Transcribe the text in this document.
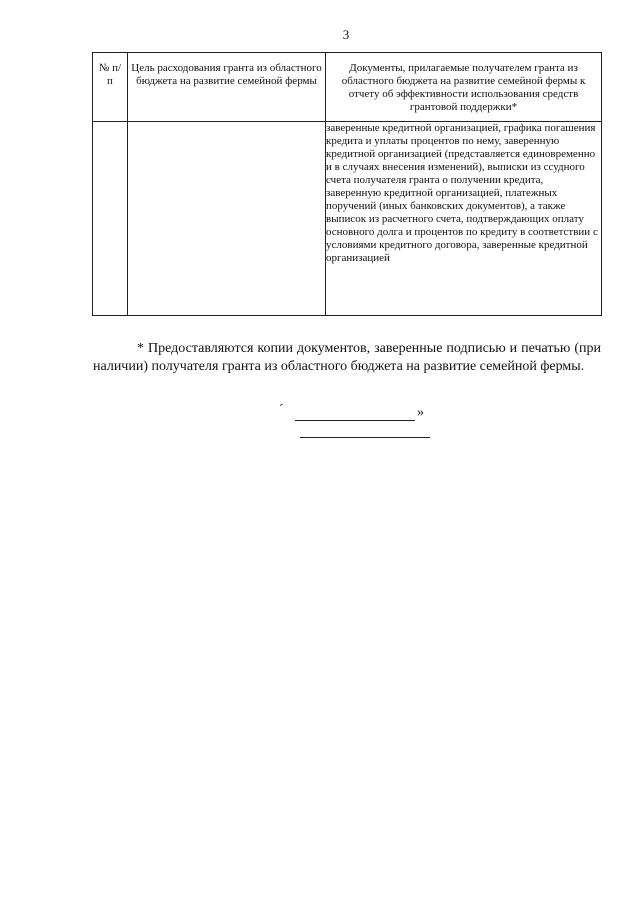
3
№ п/п	Цель расходования гранта из областного бюджета на развитие семейной фермы	Документы, прилагаемые получателем гранта из областного бюджета на развитие семейной фермы к отчету об эффективности использования средств грантовой поддержки*
		заверенные кредитной организацией, графика погашения кредита и уплаты процентов по нему, заверенную кредитной организацией (представляется единовременно и в случаях внесения изменений), выписки из ссудного счета получателя гранта о получении кредита, заверенную кредитной организацией, платежных поручений (иных банковских документов), а также выписок из расчетного счета, подтверждающих оплату основного долга и процентов по кредиту в соответствии с условиями кредитного договора, заверенные кредитной организацией

* Предоставляются копии документов, заверенные подписью и печатью (при наличии) получателя гранта из областного бюджета на развитие семейной фермы.

»
